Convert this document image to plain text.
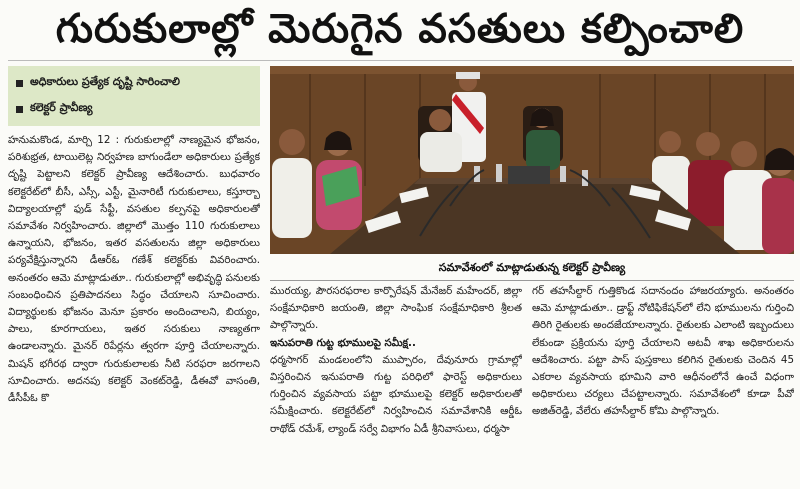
గురుకులాల్లో మెరుగైన వసతులు కల్పించాలి
అధికారులు ప్రత్యేక దృష్టి సారించాలి
కలెక్టర్ ప్రావీణ్య

హనుమకొండ, మార్చి 12 : గురుకులాల్లో నాణ్యమైన భోజనం, పరిశుభ్రత, టాయిలెట్ల నిర్వహణ బాగుండేలా అధికారులు ప్రత్యేక దృష్టి పెట్టాలని కలెక్టర్ ప్రావీణ్య ఆదేశించారు. బుధవారం కలెక్టరేట్‌లో బీసీ, ఎస్సీ, ఎస్టీ, మైనారిటీ గురుకులాలు, కస్తూర్బా విద్యాలయాల్లో ఫుడ్ సేఫ్టీ, వసతుల కల్పనపై అధికారులతో సమావేశం నిర్వహించారు. జిల్లాలో మొత్తం 110 గురుకులాలు ఉన్నాయని, భోజనం, ఇతర వసతులను జిల్లా అధికారులు పర్యవేక్షిస్తున్నారని డీఆర్‌ఓ గణేశ్ కలెక్టర్‌కు వివరించారు. అనంతరం ఆమె మాట్లాడుతూ.. గురుకులాల్లో అభివృద్ధి పనులకు సంబంధించిన ప్రతిపాదనలు సిద్ధం చేయాలని సూచించారు. విద్యార్థులకు భోజనం మెనూ ప్రకారం అందించాలని, బియ్యం, పాలు, కూరగాయలు, ఇతర సరుకులు నాణ్యతగా ఉండాలన్నారు. మైనర్ రిపేర్లను త్వరగా పూర్తి చేయాలన్నారు. మిషన్ భగీరథ ద్వారా గురుకులాలకు నీటి సరఫరా జరగాలని సూచించారు. అదనపు కలెక్టర్ వెంకట్‌రెడ్డి, డీఈవో వాసంతి, డీసీపీఓ కొ

సమావేశంలో మాట్లాడుతున్న కలెక్టర్ ప్రావీణ్య

మురయ్య, పౌరసరఫరాల కార్పొరేషన్ మేనేజర్ మహేందర్, జిల్లా సంక్షేమాధికారి జయంతి, జిల్లా సాంఘిక సంక్షేమాధికారి శ్రీలత పాల్గొన్నారు.

ఇనుపరాతి గుట్ట భూములపై సమీక్ష..

ధర్మసాగర్ మండలంలోని ముప్పారం, దేవునూరు గ్రామాల్లో విస్తరించిన ఇనుపరాతి గుట్ట పరిధిలో ఫారెస్ట్ అధికారులు గుర్తించిన వ్యవసాయ పట్టా భూములపై కలెక్టర్ అధికారులతో సమీక్షించారు. కలెక్టరేట్‌లో నిర్వహించిన సమావేశానికి ఆర్డీఓ రాథోడ్ రమేశ్, ల్యాండ్ సర్వే విభాగం ఏడీ శ్రీనివాసులు, ధర్మసా

గర్ తహసీల్దార్ గుత్తికొండ సదానందం హాజరయ్యారు. అనంతరం ఆమె మాట్లాడుతూ.. డ్రాఫ్ట్ నోటిఫికేషన్‌లో లేని భూములను గుర్తించి తిరిగి రైతులకు అందజేయాలన్నారు. రైతులకు ఎలాంటి ఇబ్బందులు లేకుండా ప్రక్రియను పూర్తి చేయాలని అటవీ శాఖ అధికారులను ఆదేశించారు. పట్టా పాస్ పుస్తకాలు కలిగిన రైతులకు చెందిన 45 ఎకరాల వ్యవసాయ భూమిని వారి ఆధీనంలోనే ఉంచే విధంగా అధికారులు చర్యలు చేపట్టాలన్నారు. సమావేశంలో కూడా పీవో అజిత్‌రెడ్డి, వేలేరు తహసీల్దార్ కోమి పాల్గొన్నారు.
